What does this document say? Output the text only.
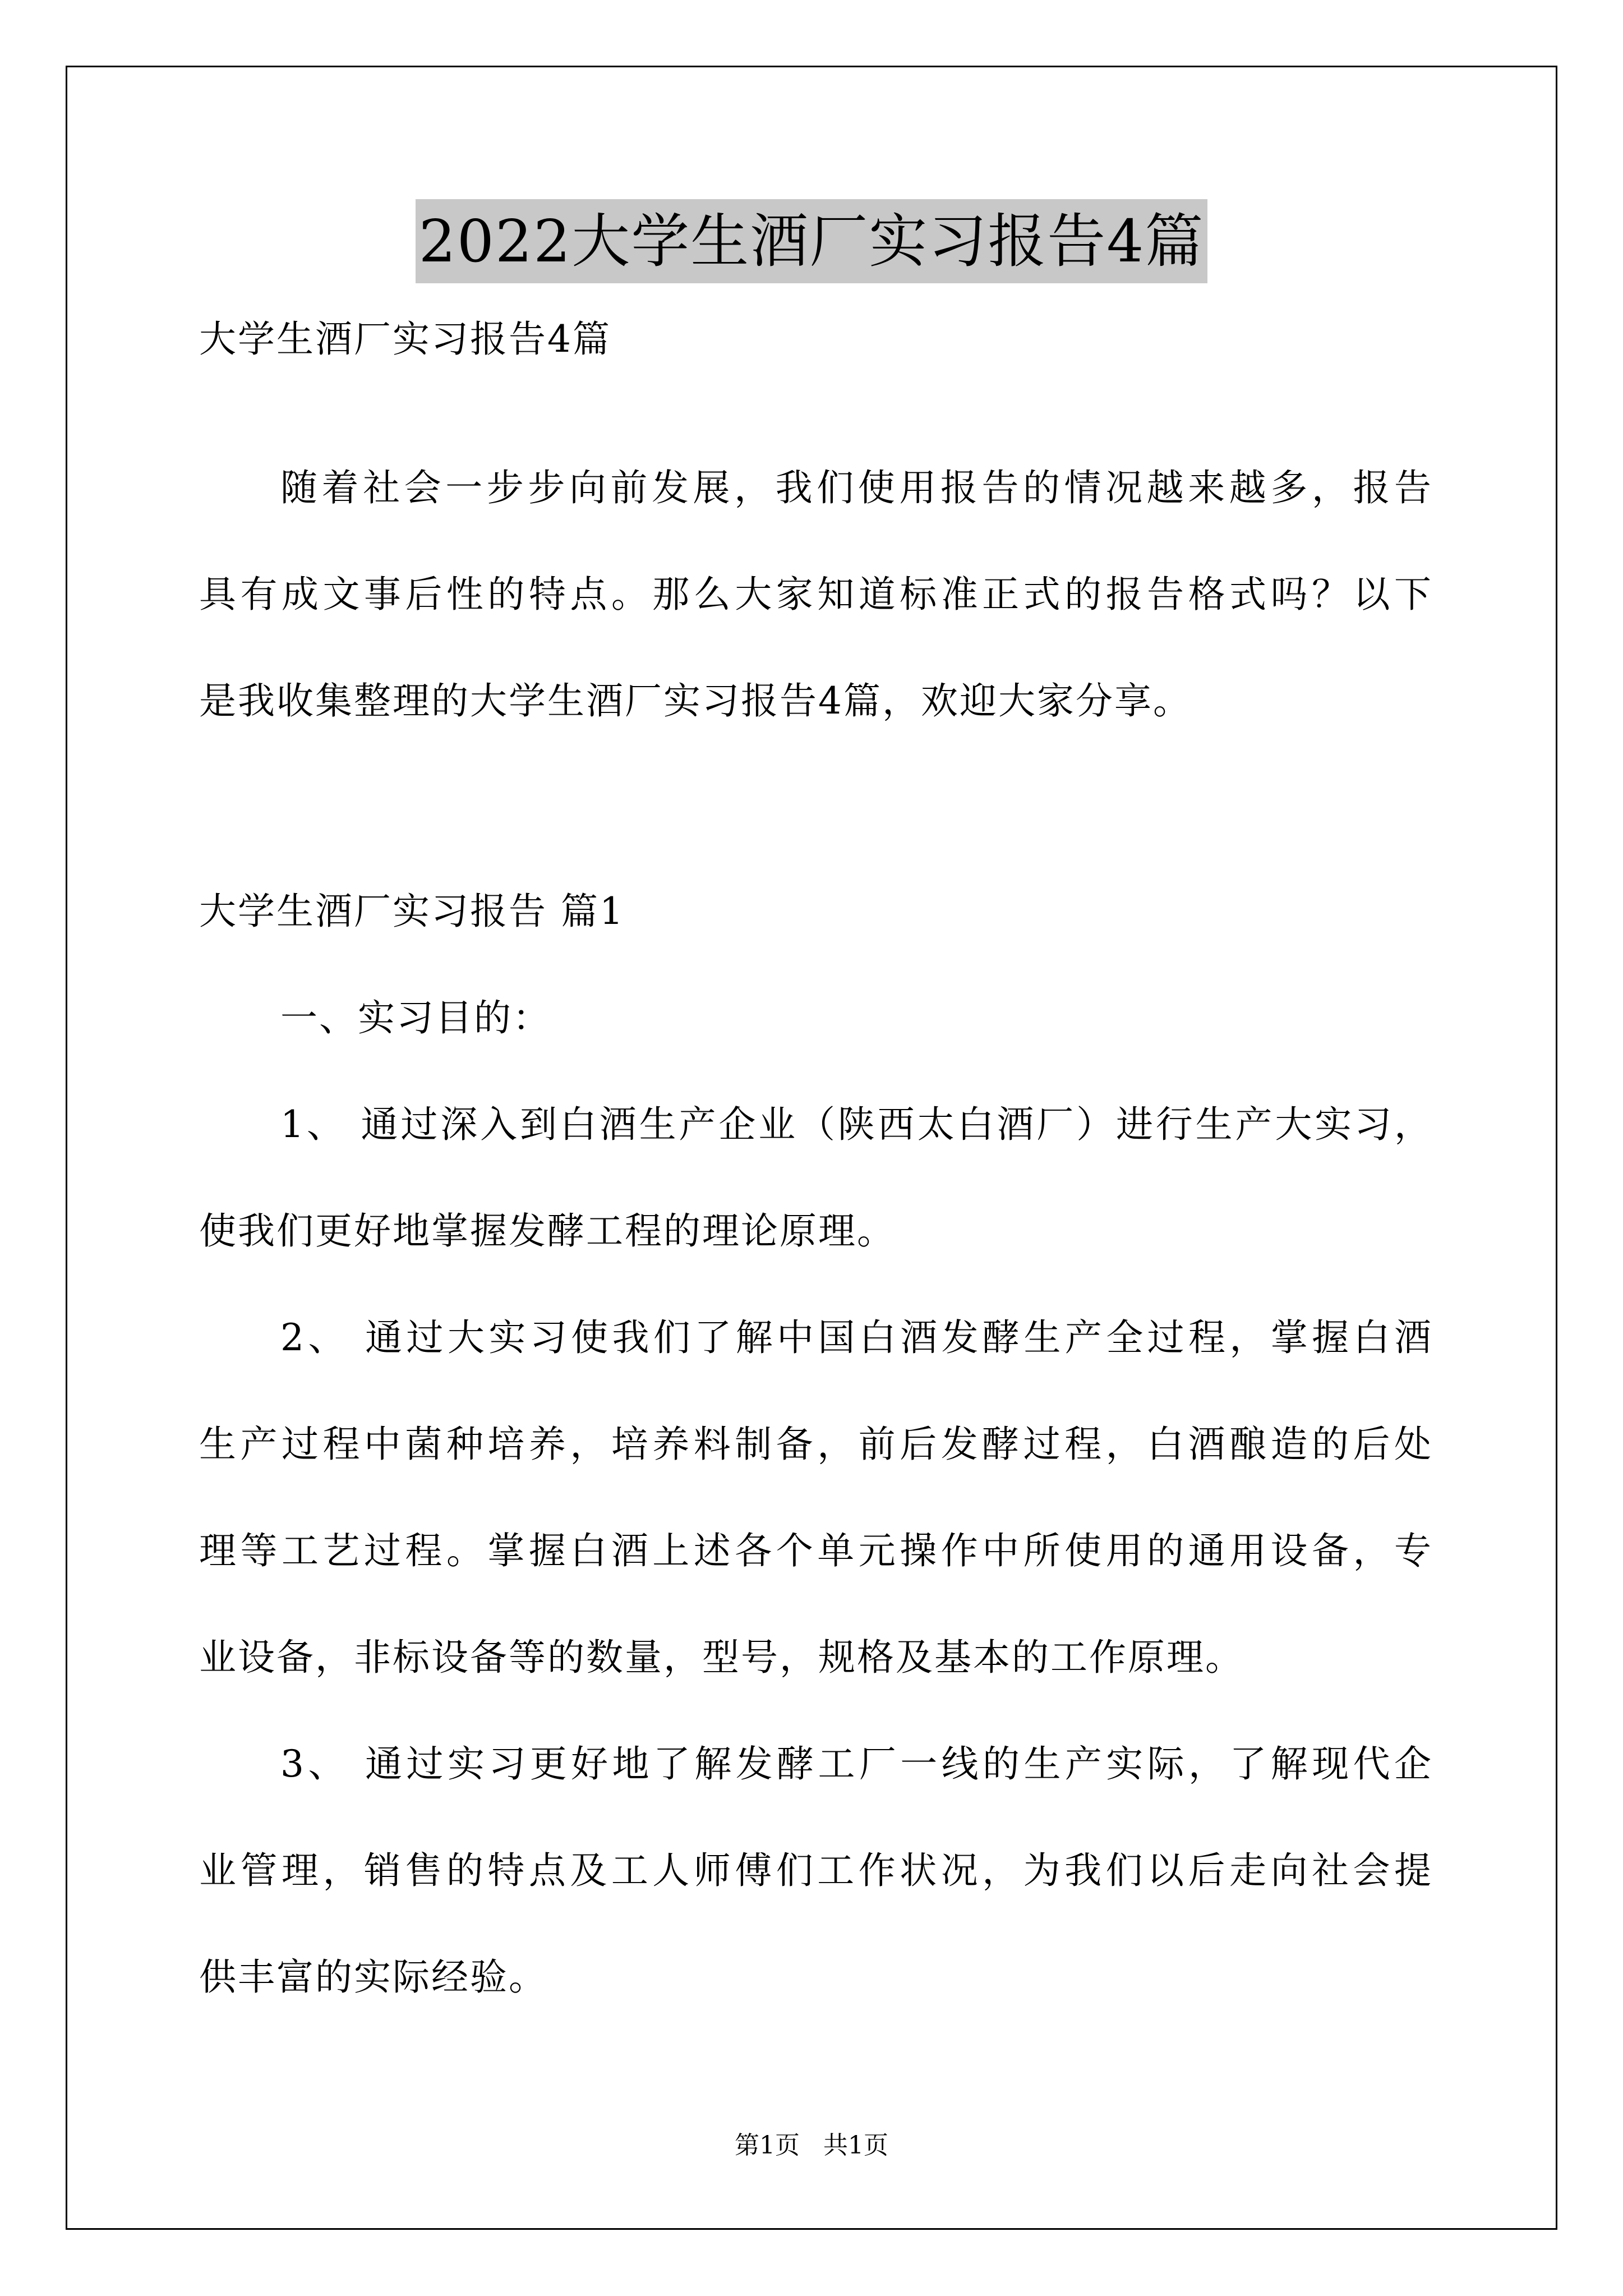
2022大学生酒厂实习报告4篇
大学生酒厂实习报告4篇
随着社会一步步向前发展，我们使用报告的情况越来越多，报告
具有成文事后性的特点。那么大家知道标准正式的报告格式吗？以下
是我收集整理的大学生酒厂实习报告4篇，欢迎大家分享。
大学生酒厂实习报告 篇1
一、实习目的：
1、 通过深入到白酒生产企业（陕西太白酒厂）进行生产大实习，
使我们更好地掌握发酵工程的理论原理。
2、 通过大实习使我们了解中国白酒发酵生产全过程，掌握白酒
生产过程中菌种培养，培养料制备，前后发酵过程，白酒酿造的后处
理等工艺过程。掌握白酒上述各个单元操作中所使用的通用设备，专
业设备，非标设备等的数量，型号，规格及基本的工作原理。
3、 通过实习更好地了解发酵工厂一线的生产实际，了解现代企
业管理，销售的特点及工人师傅们工作状况，为我们以后走向社会提
供丰富的实际经验。
第1页 共1页
